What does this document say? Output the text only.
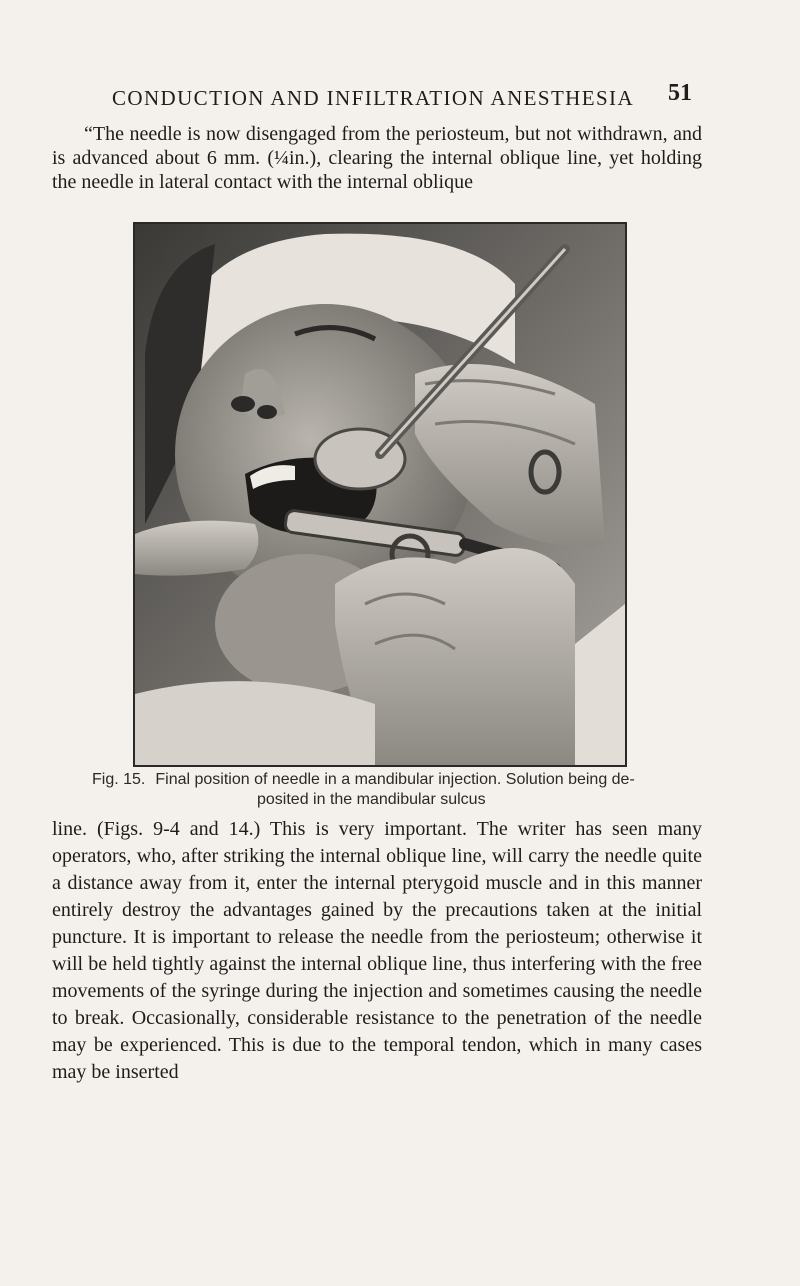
CONDUCTION AND INFILTRATION ANESTHESIA 51

“The needle is now disengaged from the periosteum, but not withdrawn, and is advanced about 6 mm. (¼in.), clearing the internal oblique line, yet holding the needle in lateral contact with the internal oblique

Fig. 15. Final position of needle in a mandibular injection. Solution being de-
posited in the mandibular sulcus

line. (Figs. 9-4 and 14.) This is very important. The writer has seen many operators, who, after striking the internal oblique line, will carry the needle quite a distance away from it, enter the internal pterygoid muscle and in this manner entirely destroy the advantages gained by the precautions taken at the initial puncture. It is important to release the needle from the periosteum; otherwise it will be held tightly against the internal oblique line, thus interfering with the free movements of the syringe during the injection and sometimes causing the needle to break. Occasionally, considerable resistance to the penetration of the needle may be experienced. This is due to the temporal tendon, which in many cases may be inserted
